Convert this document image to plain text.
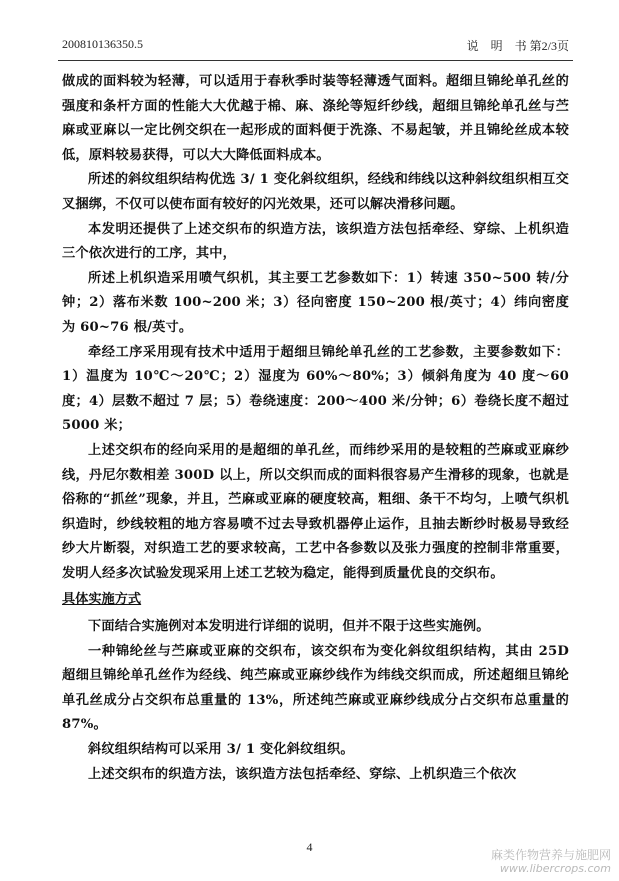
200810136350.5	说　明　书 第2/3页

做成的面料较为轻薄，可以适用于春秋季时装等轻薄透气面料。超细旦锦纶单孔丝的强度和条杆方面的性能大大优越于棉、麻、涤纶等短纤纱线，超细旦锦纶单孔丝与苎麻或亚麻以一定比例交织在一起形成的面料便于洗涤、不易起皱，并且锦纶丝成本较低，原料较易获得，可以大大降低面料成本。

所述的斜纹组织结构优选 3/ 1 变化斜纹组织，经线和纬线以这种斜纹组织相互交叉捆绑，不仅可以使布面有较好的闪光效果，还可以解决滑移问题。

本发明还提供了上述交织布的织造方法，该织造方法包括牵经、穿综、上机织造三个依次进行的工序，其中，

所述上机织造采用喷气织机，其主要工艺参数如下：1）转速 350~500 转/分钟；2）落布米数 100~200 米；3）径向密度 150~200 根/英寸；4）纬向密度为 60~76 根/英寸。

牵经工序采用现有技术中适用于超细旦锦纶单孔丝的工艺参数，主要参数如下：1）温度为 10℃～20℃；2）湿度为 60%～80%；3）倾斜角度为 40 度～60 度；4）层数不超过 7 层；5）卷绕速度：200～400 米/分钟；6）卷绕长度不超过 5000 米；

上述交织布的经向采用的是超细的单孔丝，而纬纱采用的是较粗的苎麻或亚麻纱线，丹尼尔数相差 300D 以上，所以交织而成的面料很容易产生滑移的现象，也就是俗称的“抓丝”现象，并且，苎麻或亚麻的硬度较高，粗细、条干不均匀，上喷气织机织造时，纱线较粗的地方容易喷不过去导致机器停止运作，且抽去断纱时极易导致经纱大片断裂，对织造工艺的要求较高，工艺中各参数以及张力强度的控制非常重要，发明人经多次试验发现采用上述工艺较为稳定，能得到质量优良的交织布。

具体实施方式

下面结合实施例对本发明进行详细的说明，但并不限于这些实施例。

一种锦纶丝与苎麻或亚麻的交织布，该交织布为变化斜纹组织结构，其由 25D 超细旦锦纶单孔丝作为经线、纯苎麻或亚麻纱线作为纬线交织而成，所述超细旦锦纶单孔丝成分占交织布总重量的 13%，所述纯苎麻或亚麻纱线成分占交织布总重量的 87%。

斜纹组织结构可以采用 3/ 1 变化斜纹组织。

上述交织布的织造方法，该织造方法包括牵经、穿综、上机织造三个依次

4
麻类作物营养与施肥网
www.libercrops.com
